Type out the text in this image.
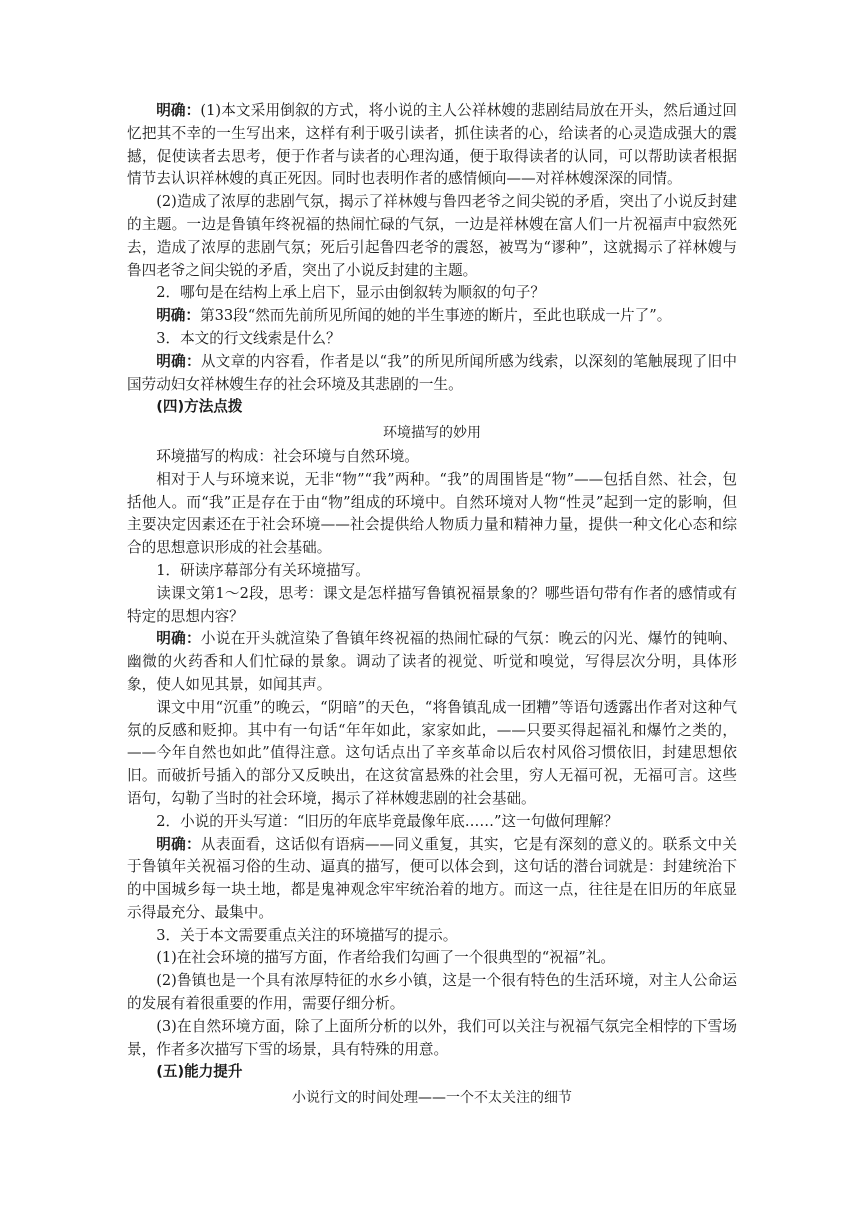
明确：(1)本文采用倒叙的方式，将小说的主人公祥林嫂的悲剧结局放在开头，然后通过回忆把其不幸的一生写出来，这样有利于吸引读者，抓住读者的心，给读者的心灵造成强大的震撼，促使读者去思考，便于作者与读者的心理沟通，便于取得读者的认同，可以帮助读者根据情节去认识祥林嫂的真正死因。同时也表明作者的感情倾向——对祥林嫂深深的同情。

(2)造成了浓厚的悲剧气氛，揭示了祥林嫂与鲁四老爷之间尖锐的矛盾，突出了小说反封建的主题。一边是鲁镇年终祝福的热闹忙碌的气氛，一边是祥林嫂在富人们一片祝福声中寂然死去，造成了浓厚的悲剧气氛；死后引起鲁四老爷的震怒，被骂为“谬种”，这就揭示了祥林嫂与鲁四老爷之间尖锐的矛盾，突出了小说反封建的主题。

2．哪句是在结构上承上启下，显示由倒叙转为顺叙的句子？

明确：第33段“然而先前所见所闻的她的半生事迹的断片，至此也联成一片了”。

3．本文的行文线索是什么？

明确：从文章的内容看，作者是以“我”的所见所闻所感为线索，以深刻的笔触展现了旧中国劳动妇女祥林嫂生存的社会环境及其悲剧的一生。

(四)方法点拨

环境描写的妙用

环境描写的构成：社会环境与自然环境。

相对于人与环境来说，无非“物”“我”两种。“我”的周围皆是“物”——包括自然、社会，包括他人。而“我”正是存在于由“物”组成的环境中。自然环境对人物“性灵”起到一定的影响，但主要决定因素还在于社会环境——社会提供给人物质力量和精神力量，提供一种文化心态和综合的思想意识形成的社会基础。

1．研读序幕部分有关环境描写。

读课文第1～2段，思考：课文是怎样描写鲁镇祝福景象的？哪些语句带有作者的感情或有特定的思想内容？

明确：小说在开头就渲染了鲁镇年终祝福的热闹忙碌的气氛：晚云的闪光、爆竹的钝响、幽微的火药香和人们忙碌的景象。调动了读者的视觉、听觉和嗅觉，写得层次分明，具体形象，使人如见其景，如闻其声。

课文中用“沉重”的晚云，“阴暗”的天色，“将鲁镇乱成一团糟”等语句透露出作者对这种气氛的反感和贬抑。其中有一句话“年年如此，家家如此，——只要买得起福礼和爆竹之类的，——今年自然也如此”值得注意。这句话点出了辛亥革命以后农村风俗习惯依旧，封建思想依旧。而破折号插入的部分又反映出，在这贫富悬殊的社会里，穷人无福可祝，无福可言。这些语句，勾勒了当时的社会环境，揭示了祥林嫂悲剧的社会基础。

2．小说的开头写道：“旧历的年底毕竟最像年底……”这一句做何理解？

明确：从表面看，这话似有语病——同义重复，其实，它是有深刻的意义的。联系文中关于鲁镇年关祝福习俗的生动、逼真的描写，便可以体会到，这句话的潜台词就是：封建统治下的中国城乡每一块土地，都是鬼神观念牢牢统治着的地方。而这一点，往往是在旧历的年底显示得最充分、最集中。

3．关于本文需要重点关注的环境描写的提示。

(1)在社会环境的描写方面，作者给我们勾画了一个很典型的“祝福”礼。

(2)鲁镇也是一个具有浓厚特征的水乡小镇，这是一个很有特色的生活环境，对主人公命运的发展有着很重要的作用，需要仔细分析。

(3)在自然环境方面，除了上面所分析的以外，我们可以关注与祝福气氛完全相悖的下雪场景，作者多次描写下雪的场景，具有特殊的用意。

(五)能力提升

小说行文的时间处理——一个不太关注的细节
